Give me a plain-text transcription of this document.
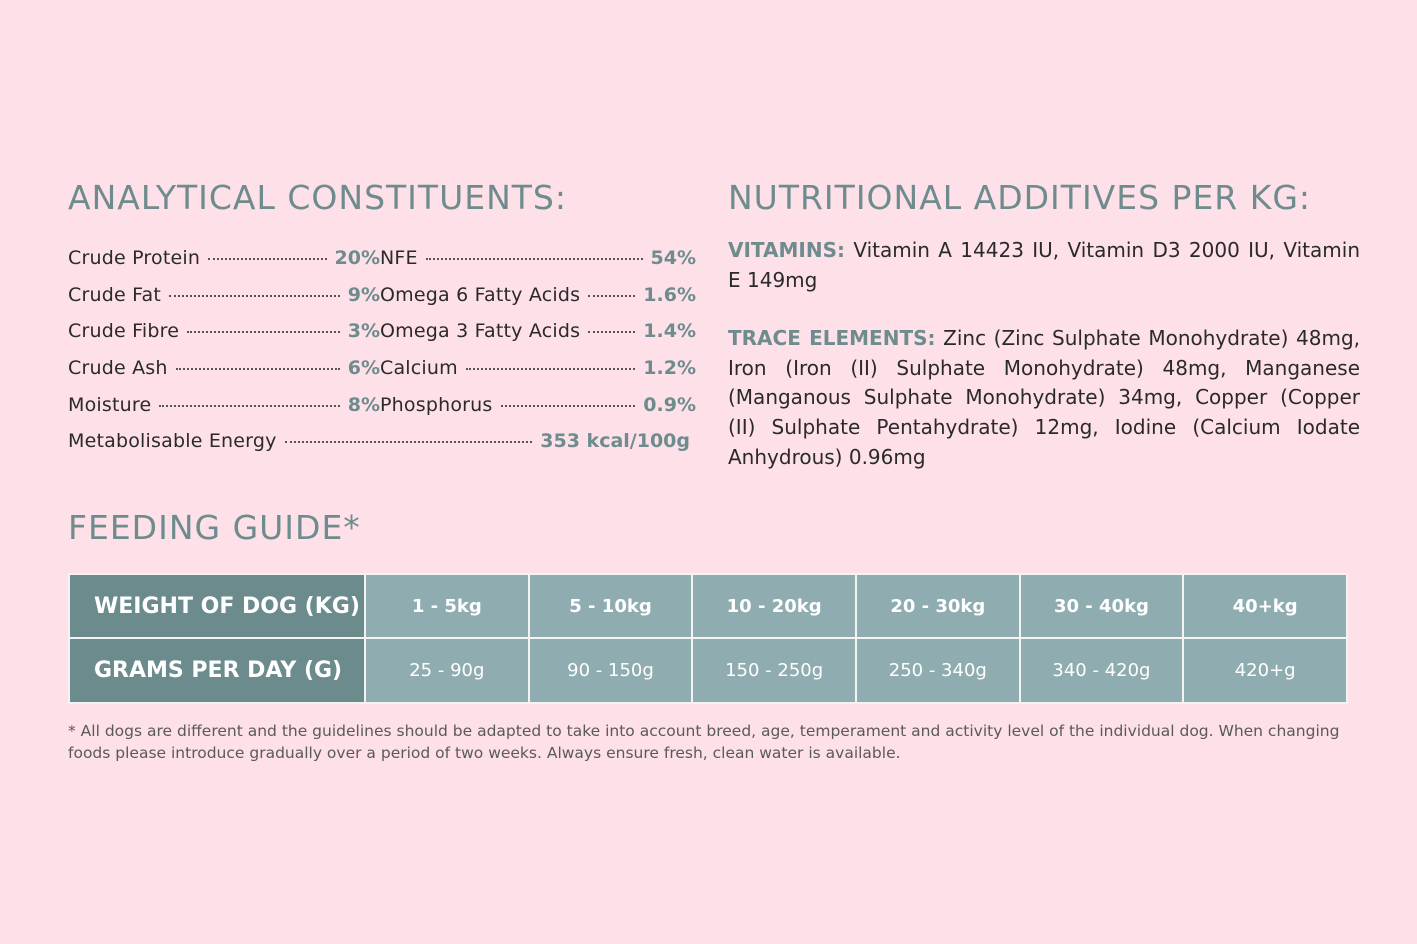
ANALYTICAL CONSTITUENTS:	NUTRITIONAL ADDITIVES PER KG:
Crude Protein	20% NFE	54%
Crude Fat	9% Omega 6 Fatty Acids	1.6%
Crude Fibre	3% Omega 3 Fatty Acids	1.4%
Crude Ash	6% Calcium	1.2%
Moisture	8% Phosphorus	0.9%
Metabolisable Energy	353 kcal/100g

VITAMINS: Vitamin A 14423 IU, Vitamin D3 2000 IU, Vitamin E 149mg

TRACE ELEMENTS: Zinc (Zinc Sulphate Monohydrate) 48mg, Iron (Iron (II) Sulphate Monohydrate) 48mg, Manganese (Manganous Sulphate Monohydrate) 34mg, Copper (Copper (II) Sulphate Pentahydrate) 12mg, Iodine (Calcium Iodate Anhydrous) 0.96mg

FEEDING GUIDE*
WEIGHT OF DOG (KG)	1 - 5kg	5 - 10kg	10 - 20kg	20 - 30kg	30 - 40kg	40+kg
GRAMS PER DAY (G)	25 - 90g	90 - 150g	150 - 250g	250 - 340g	340 - 420g	420+g
* All dogs are different and the guidelines should be adapted to take into account breed, age, temperament and activity level of the individual dog. When changing foods please introduce gradually over a period of two weeks. Always ensure fresh, clean water is available.
